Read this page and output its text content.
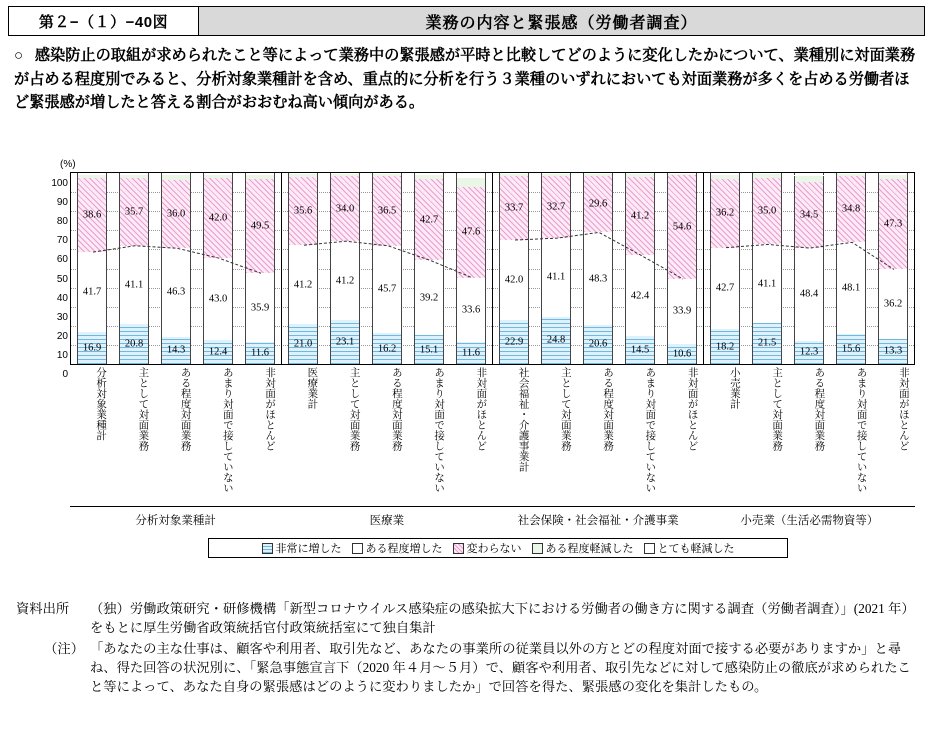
第２−（１）−40図	業務の内容と緊張感（労働者調査）
○ 感染防止の取組が求められたこと等によって業務中の緊張感が平時と比較してどのように変化したかについて、業種別に対面業務が占める程度別でみると、分析対象業種計を含め、重点的に分析を行う３業種のいずれにおいても対面業務が多くを占める労働者ほど緊張感が増したと答える割合がおおむね高い傾向がある。
(%)
0
10
20
30
40
50
60
70
80
90
100
16.9
41.7
38.6
20.8
41.1
35.7
14.3
46.3
36.0
12.4
43.0
42.0
11.6
35.9
49.5
21.0
41.2
35.6
23.1
41.2
34.0
16.2
45.7
36.5
15.1
39.2
42.7
11.6
33.6
47.6
22.9
42.0
33.7
24.8
41.1
32.7
20.6
48.3
29.6
14.5
42.4
41.2
10.6
33.9
54.6
18.2
42.7
36.2
21.5
41.1
35.0
12.3
48.4
34.5
15.6
48.1
34.8
13.3
36.2
47.3
分析対象業種計	主として対面業務	ある程度対面業務	あまり対面で接していない	非対面がほとんど	医療業計	主として対面業務	ある程度対面業務	あまり対面で接していない	非対面がほとんど	社会福祉・介護事業計	主として対面業務	ある程度対面業務	あまり対面で接していない	非対面がほとんど	小売業計	主として対面業務	ある程度対面業務	あまり対面で接していない	非対面がほとんど
分析対象業種計	医療業	社会保険・社会福祉・介護事業	小売業（生活必需物資等）
非常に増した ある程度増した 変わらない ある程度軽減した とても軽減した
資料出所	（独）労働政策研究・研修機構「新型コロナウイルス感染症の感染拡大下における労働者の働き方に関する調査（労働者調査）」(2021 年）をもとに厚生労働省政策統括官付政策統括室にて独自集計
（注） 「あなたの主な仕事は、顧客や利用者、取引先など、あなたの事業所の従業員以外の方とどの程度対面で接する必要がありますか」と尋ね、得た回答の状況別に、「緊急事態宣言下（2020 年４月～５月）で、顧客や利用者、取引先などに対して感染防止の徹底が求められたこと等によって、あなた自身の緊張感はどのように変わりましたか」で回答を得た、緊張感の変化を集計したもの。
